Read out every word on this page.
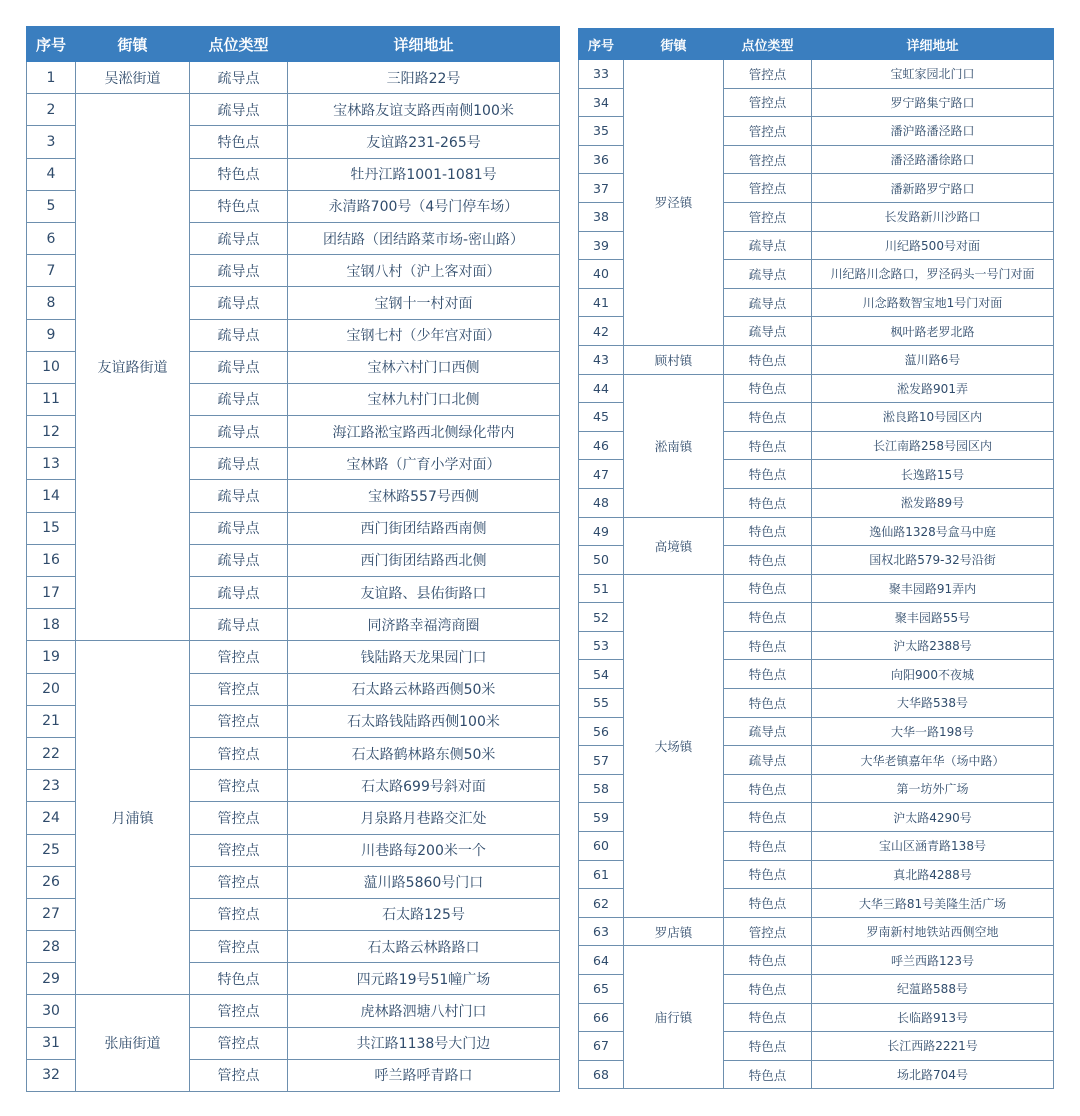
序号	街镇	点位类型	详细地址
1	吴淞街道	疏导点	三阳路22号
2	友谊路街道	疏导点	宝林路友谊支路西南侧100米
3		特色点	友谊路231-265号
4		特色点	牡丹江路1001-1081号
5		特色点	永清路700号（4号门停车场）
6		疏导点	团结路（团结路菜市场-密山路）
7		疏导点	宝钢八村（沪上客对面）
8		疏导点	宝钢十一村对面
9		疏导点	宝钢七村（少年宫对面）
10		疏导点	宝林六村门口西侧
11		疏导点	宝林九村门口北侧
12		疏导点	海江路淞宝路西北侧绿化带内
13		疏导点	宝林路（广育小学对面）
14		疏导点	宝林路557号西侧
15		疏导点	西门街团结路西南侧
16		疏导点	西门街团结路西北侧
17		疏导点	友谊路、县佑街路口
18		疏导点	同济路幸福湾商圈
19	月浦镇	管控点	钱陆路天龙果园门口
20		管控点	石太路云林路西侧50米
21		管控点	石太路钱陆路西侧100米
22		管控点	石太路鹤林路东侧50米
23		管控点	石太路699号斜对面
24		管控点	月泉路月巷路交汇处
25		管控点	川巷路每200米一个
26		管控点	蕰川路5860号门口
27		管控点	石太路125号
28		管控点	石太路云林路路口
29		特色点	四元路19号51幢广场
30	张庙街道	管控点	虎林路泗塘八村门口
31		管控点	共江路1138号大门边
32		管控点	呼兰路呼青路口
序号	街镇	点位类型	详细地址
33	罗泾镇	管控点	宝虹家园北门口
34		管控点	罗宁路集宁路口
35		管控点	潘沪路潘泾路口
36		管控点	潘泾路潘徐路口
37		管控点	潘新路罗宁路口
38		管控点	长发路新川沙路口
39		疏导点	川纪路500号对面
40		疏导点	川纪路川念路口，罗泾码头一号门对面
41		疏导点	川念路数智宝地1号门对面
42		疏导点	枫叶路老罗北路
43	顾村镇	特色点	蕰川路6号
44	淞南镇	特色点	淞发路901弄
45		特色点	淞良路10号园区内
46		特色点	长江南路258号园区内
47		特色点	长逸路15号
48		特色点	淞发路89号
49	高境镇	特色点	逸仙路1328号盒马中庭
50		特色点	国权北路579-32号沿街
51	大场镇	特色点	聚丰园路91弄内
52		特色点	聚丰园路55号
53		特色点	沪太路2388号
54		特色点	向阳900不夜城
55		特色点	大华路538号
56		疏导点	大华一路198号
57		疏导点	大华老镇嘉年华（场中路）
58		特色点	第一坊外广场
59		特色点	沪太路4290号
60		特色点	宝山区涵青路138号
61		特色点	真北路4288号
62		特色点	大华三路81号美隆生活广场
63	罗店镇	管控点	罗南新村地铁站西侧空地
64	庙行镇	特色点	呼兰西路123号
65		特色点	纪蕰路588号
66		特色点	长临路913号
67		特色点	长江西路2221号
68		特色点	场北路704号
